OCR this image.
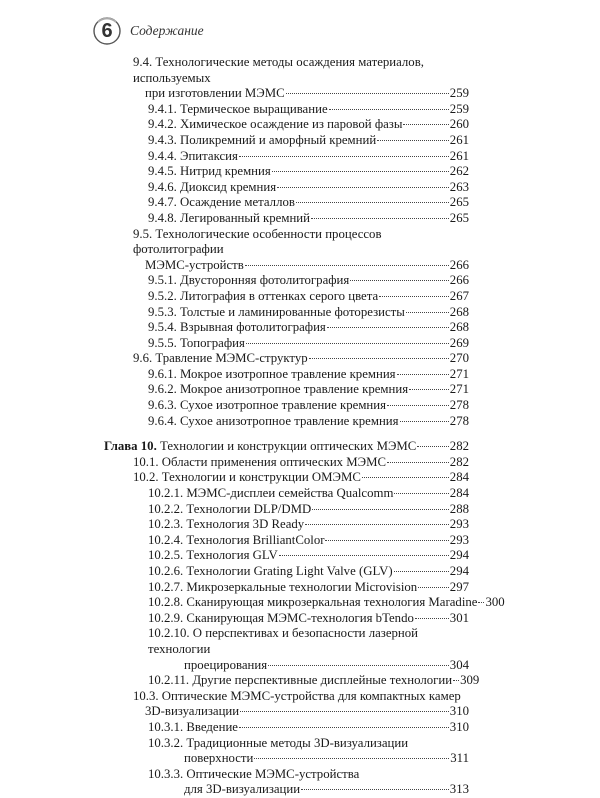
6	Содержание
9.4. Технологические методы осаждения материалов, используемых
при изготовлении МЭМС	259
9.4.1. Термическое выращивание	259
9.4.2. Химическое осаждение из паровой фазы	260
9.4.3. Поликремний и аморфный кремний	261
9.4.4. Эпитаксия	261
9.4.5. Нитрид кремния	262
9.4.6. Диоксид кремния	263
9.4.7. Осаждение металлов	265
9.4.8. Легированный кремний	265
9.5. Технологические особенности процессов фотолитографии
МЭМС-устройств	266
9.5.1. Двусторонняя фотолитография	266
9.5.2. Литография в оттенках серого цвета	267
9.5.3. Толстые и ламинированные фоторезисты	268
9.5.4. Взрывная фотолитография	268
9.5.5. Топография	269
9.6. Травление МЭМС-структур	270
9.6.1. Мокрое изотропное травление кремния	271
9.6.2. Мокрое анизотропное травление кремния	271
9.6.3. Сухое изотропное травление кремния	278
9.6.4. Сухое анизотропное травление кремния	278
Глава 10.
Технологии и конструкции оптических МЭМС	282
10.1. Области применения оптических МЭМС	282
10.2. Технологии и конструкции ОМЭМС	284
10.2.1. МЭМС-дисплеи семейства Qualcomm	284
10.2.2. Технологии DLP/DMD	288
10.2.3. Технология 3D Ready	293
10.2.4. Технология BrilliantColor	293
10.2.5. Технология GLV	294
10.2.6. Технологии Grating Light Valve (GLV)	294
10.2.7. Микрозеркальные технологии Microvision	297
10.2.8. Сканирующая микрозеркальная технология Maradine 300
10.2.9. Сканирующая МЭМС-технология bTendo	301
10.2.10. О перспективах и безопасности лазерной технологии
проецирования	304
10.2.11. Другие перспективные дисплейные технологии 309
10.3. Оптические МЭМС-устройства для компактных камер
3D-визуализации	310
10.3.1. Введение	310
10.3.2. Традиционные методы 3D-визуализации
поверхности	311
10.3.3. Оптические МЭМС-устройства
для 3D-визуализации	313
